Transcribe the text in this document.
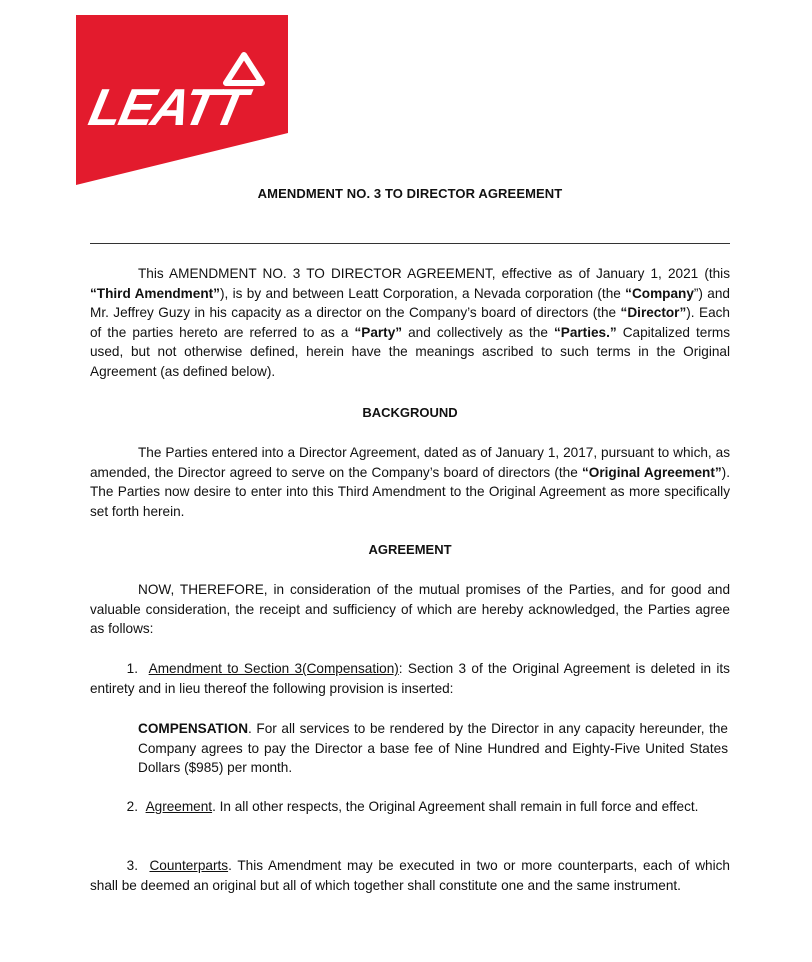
LEATT
AMENDMENT NO. 3 TO DIRECTOR AGREEMENT

This AMENDMENT NO. 3 TO DIRECTOR AGREEMENT, effective as of January 1, 2021 (this “Third Amendment”), is by and between Leatt Corporation, a Nevada corporation (the “Company”) and Mr. Jeffrey Guzy in his capacity as a director on the Company’s board of directors (the “Director”). Each of the parties hereto are referred to as a “Party” and collectively as the “Parties.” Capitalized terms used, but not otherwise defined, herein have the meanings ascribed to such terms in the Original Agreement (as defined below).

BACKGROUND

The Parties entered into a Director Agreement, dated as of January 1, 2017, pursuant to which, as amended, the Director agreed to serve on the Company’s board of directors (the “Original Agreement”). The Parties now desire to enter into this Third Amendment to the Original Agreement as more specifically set forth herein.

AGREEMENT

NOW, THEREFORE, in consideration of the mutual promises of the Parties, and for good and valuable consideration, the receipt and sufficiency of which are hereby acknowledged, the Parties agree as follows:

1. Amendment to Section 3(Compensation): Section 3 of the Original Agreement is deleted in its entirety and in lieu thereof the following provision is inserted:

COMPENSATION. For all services to be rendered by the Director in any capacity hereunder, the Company agrees to pay the Director a base fee of Nine Hundred and Eighty-Five United States Dollars ($985) per month.

2. Agreement. In all other respects, the Original Agreement shall remain in full force and effect.

3. Counterparts. This Amendment may be executed in two or more counterparts, each of which shall be deemed an original but all of which together shall constitute one and the same instrument.
